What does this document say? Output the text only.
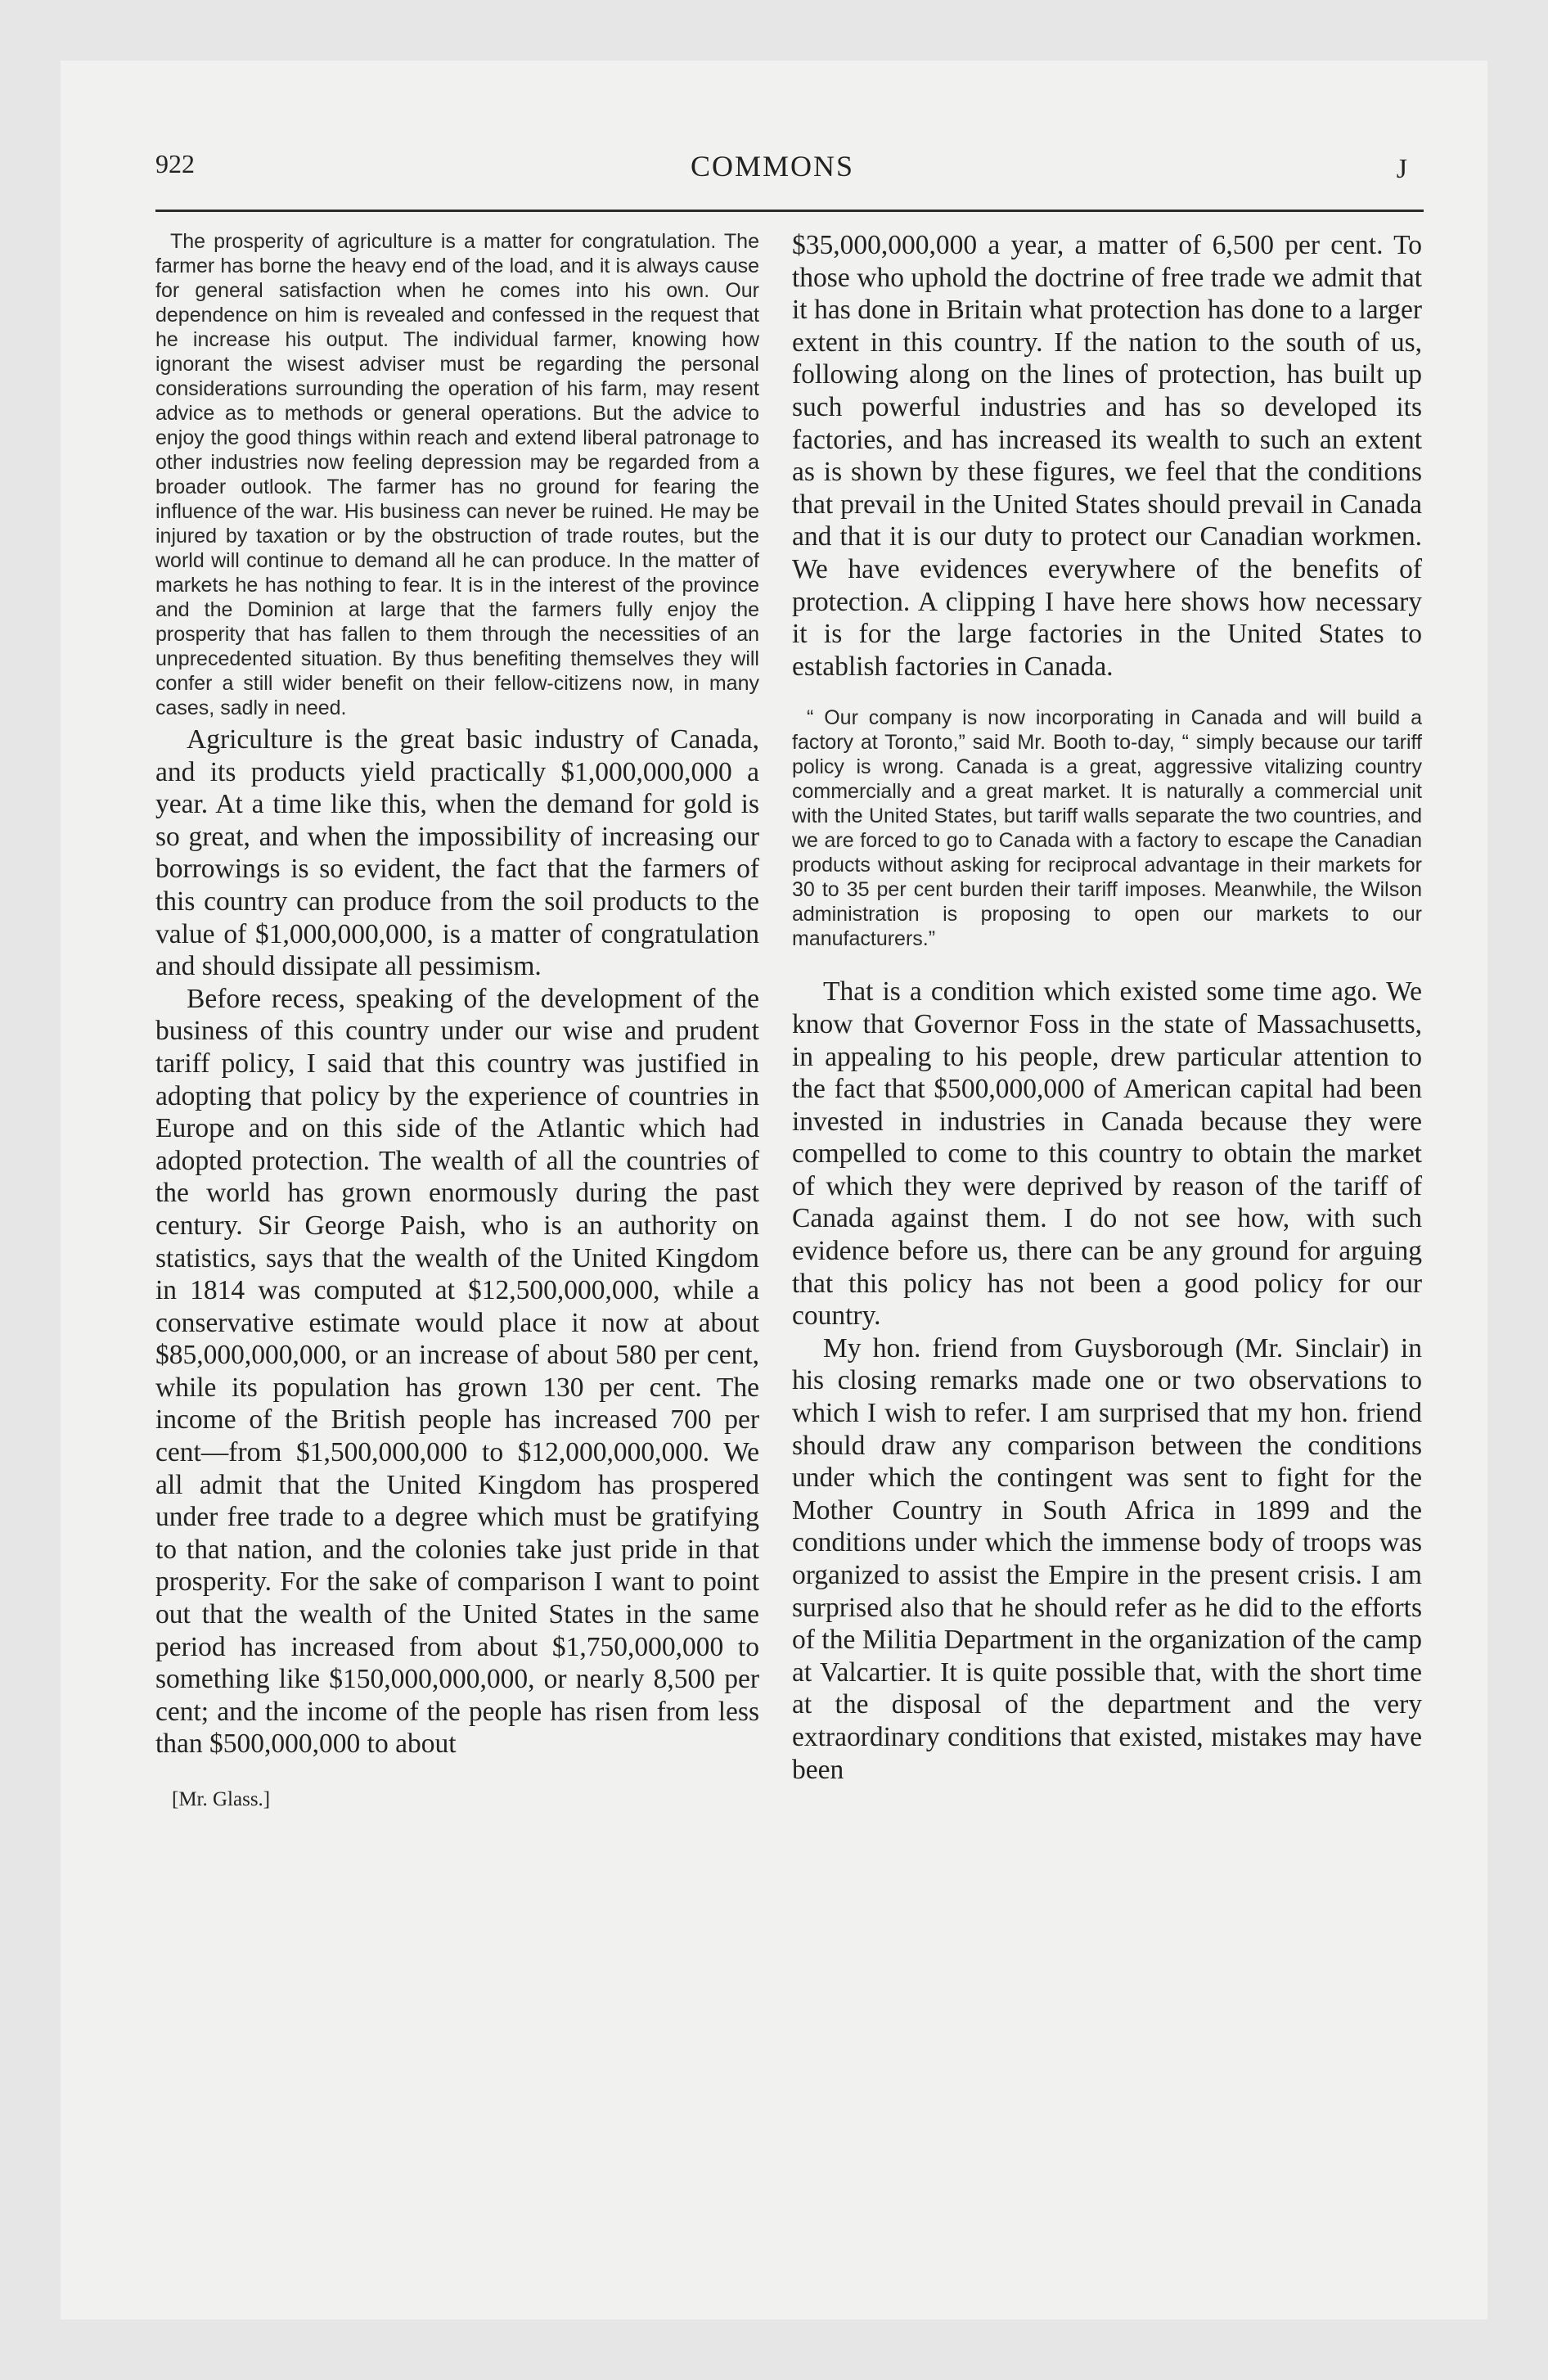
922	COMMONS	J

The prosperity of agriculture is a matter for congratulation. The farmer has borne the heavy end of the load, and it is always cause for general satisfaction when he comes into his own. Our dependence on him is revealed and confessed in the request that he increase his output. The individual farmer, knowing how ignorant the wisest adviser must be regarding the personal considerations surrounding the operation of his farm, may resent advice as to methods or general operations. But the advice to enjoy the good things within reach and extend liberal patronage to other industries now feeling depression may be regarded from a broader outlook. The farmer has no ground for fearing the influence of the war. His business can never be ruined. He may be injured by taxation or by the obstruction of trade routes, but the world will continue to demand all he can produce. In the matter of markets he has nothing to fear. It is in the interest of the province and the Dominion at large that the farmers fully enjoy the prosperity that has fallen to them through the necessities of an unprecedented situation. By thus benefiting themselves they will confer a still wider benefit on their fellow-citizens now, in many cases, sadly in need.

Agriculture is the great basic industry of Canada, and its products yield practically $1,000,000,000 a year. At a time like this, when the demand for gold is so great, and when the impossibility of increasing our borrowings is so evident, the fact that the farmers of this country can produce from the soil products to the value of $1,000,000,000, is a matter of congratulation and should dissipate all pessimism.

Before recess, speaking of the development of the business of this country under our wise and prudent tariff policy, I said that this country was justified in adopting that policy by the experience of countries in Europe and on this side of the Atlantic which had adopted protection. The wealth of all the countries of the world has grown enormously during the past century. Sir George Paish, who is an authority on statistics, says that the wealth of the United Kingdom in 1814 was computed at $12,500,000,000, while a conservative estimate would place it now at about $85,000,000,000, or an increase of about 580 per cent, while its population has grown 130 per cent. The income of the British people has increased 700 per cent—from $1,500,000,000 to $12,000,000,000. We all admit that the United Kingdom has prospered under free trade to a degree which must be gratifying to that nation, and the colonies take just pride in that prosperity. For the sake of comparison I want to point out that the wealth of the United States in the same period has increased from about $1,750,000,000 to something like $150,000,000,000, or nearly 8,500 per cent; and the income of the people has risen from less than $500,000,000 to about

[Mr. Glass.]

$35,000,000,000 a year, a matter of 6,500 per cent. To those who uphold the doctrine of free trade we admit that it has done in Britain what protection has done to a larger extent in this country. If the nation to the south of us, following along on the lines of protection, has built up such powerful industries and has so developed its factories, and has increased its wealth to such an extent as is shown by these figures, we feel that the conditions that prevail in the United States should prevail in Canada and that it is our duty to protect our Canadian workmen. We have evidences everywhere of the benefits of protection. A clipping I have here shows how necessary it is for the large factories in the United States to establish factories in Canada.

“ Our company is now incorporating in Canada and will build a factory at Toronto,” said Mr. Booth to-day, “ simply because our tariff policy is wrong. Canada is a great, aggressive vitalizing country commercially and a great market. It is naturally a commercial unit with the United States, but tariff walls separate the two countries, and we are forced to go to Canada with a factory to escape the Canadian products without asking for reciprocal advantage in their markets for 30 to 35 per cent burden their tariff imposes. Meanwhile, the Wilson administration is proposing to open our markets to our manufacturers.”

That is a condition which existed some time ago. We know that Governor Foss in the state of Massachusetts, in appealing to his people, drew particular attention to the fact that $500,000,000 of American capital had been invested in industries in Canada because they were compelled to come to this country to obtain the market of which they were deprived by reason of the tariff of Canada against them. I do not see how, with such evidence before us, there can be any ground for arguing that this policy has not been a good policy for our country.

My hon. friend from Guysborough (Mr. Sinclair) in his closing remarks made one or two observations to which I wish to refer. I am surprised that my hon. friend should draw any comparison between the conditions under which the contingent was sent to fight for the Mother Country in South Africa in 1899 and the conditions under which the immense body of troops was organized to assist the Empire in the present crisis. I am surprised also that he should refer as he did to the efforts of the Militia Department in the organization of the camp at Valcartier. It is quite possible that, with the short time at the disposal of the department and the very extraordinary conditions that existed, mistakes may have been
